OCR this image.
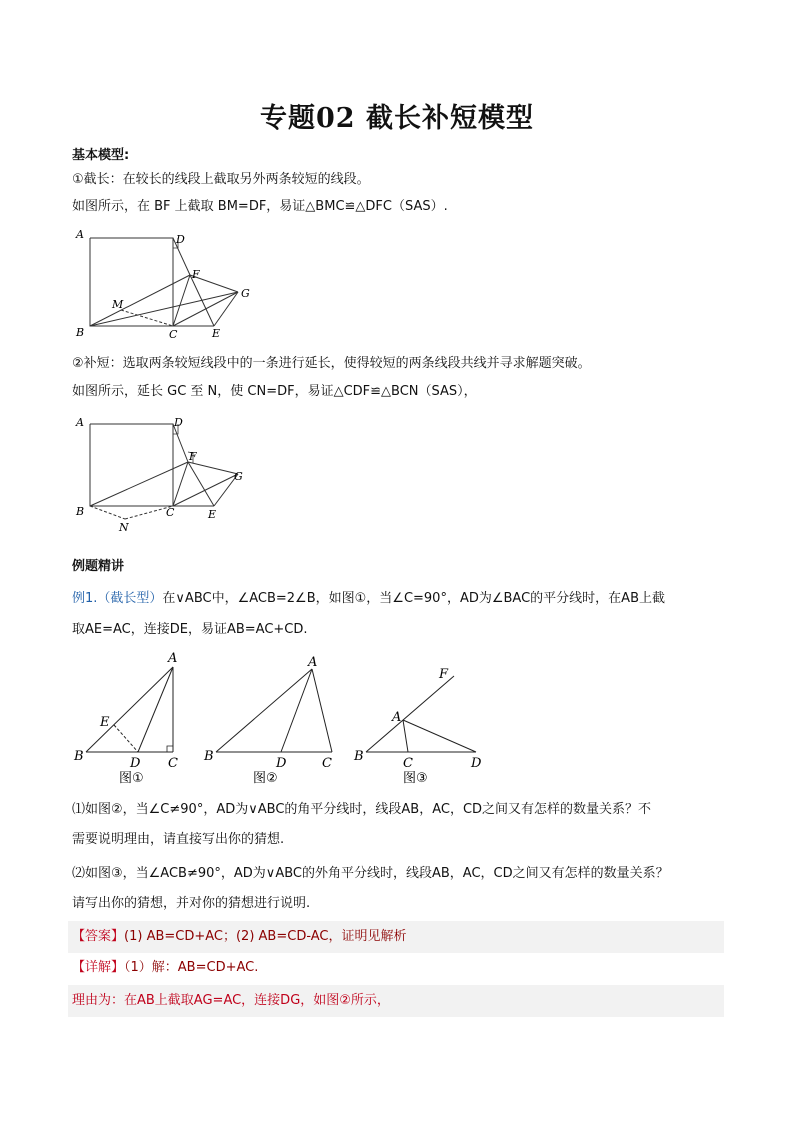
专题02 截长补短模型
基本模型:
①截长：在较长的线段上截取另外两条较短的线段。
如图所示，在 BF 上截取 BM=DF，易证△BMC≌△DFC（SAS）.
A	D
F
G
M
B	C	E
②补短：选取两条较短线段中的一条进行延长，使得较短的两条线段共线并寻求解题突破。
如图所示，延长 GC 至 N，使 CN=DF，易证△CDF≌△BCN（SAS），
A	D
F
G
B	C	E
N
例题精讲
例1.（截长型）在∨ABC中，∠ACB=2∠B，如图①，当∠C=90°，AD为∠BAC的平分线时，在AB上截
取AE=AC，连接DE，易证AB=AC+CD.
A
E
B	D C
图①
A
B	D	C
图②
F
A
B	C	D
图③
⑴如图②，当∠C≠90°，AD为∨ABC的角平分线时，线段AB，AC，CD之间又有怎样的数量关系？不
需要说明理由，请直接写出你的猜想.
⑵如图③，当∠ACB≠90°，AD为∨ABC的外角平分线时，线段AB，AC，CD之间又有怎样的数量关系？
请写出你的猜想，并对你的猜想进行说明.
【答案】(1) AB=CD+AC；(2) AB=CD-AC，证明见解析
【详解】（1）解：AB=CD+AC.
理由为：在AB上截取AG=AC，连接DG，如图②所示，
